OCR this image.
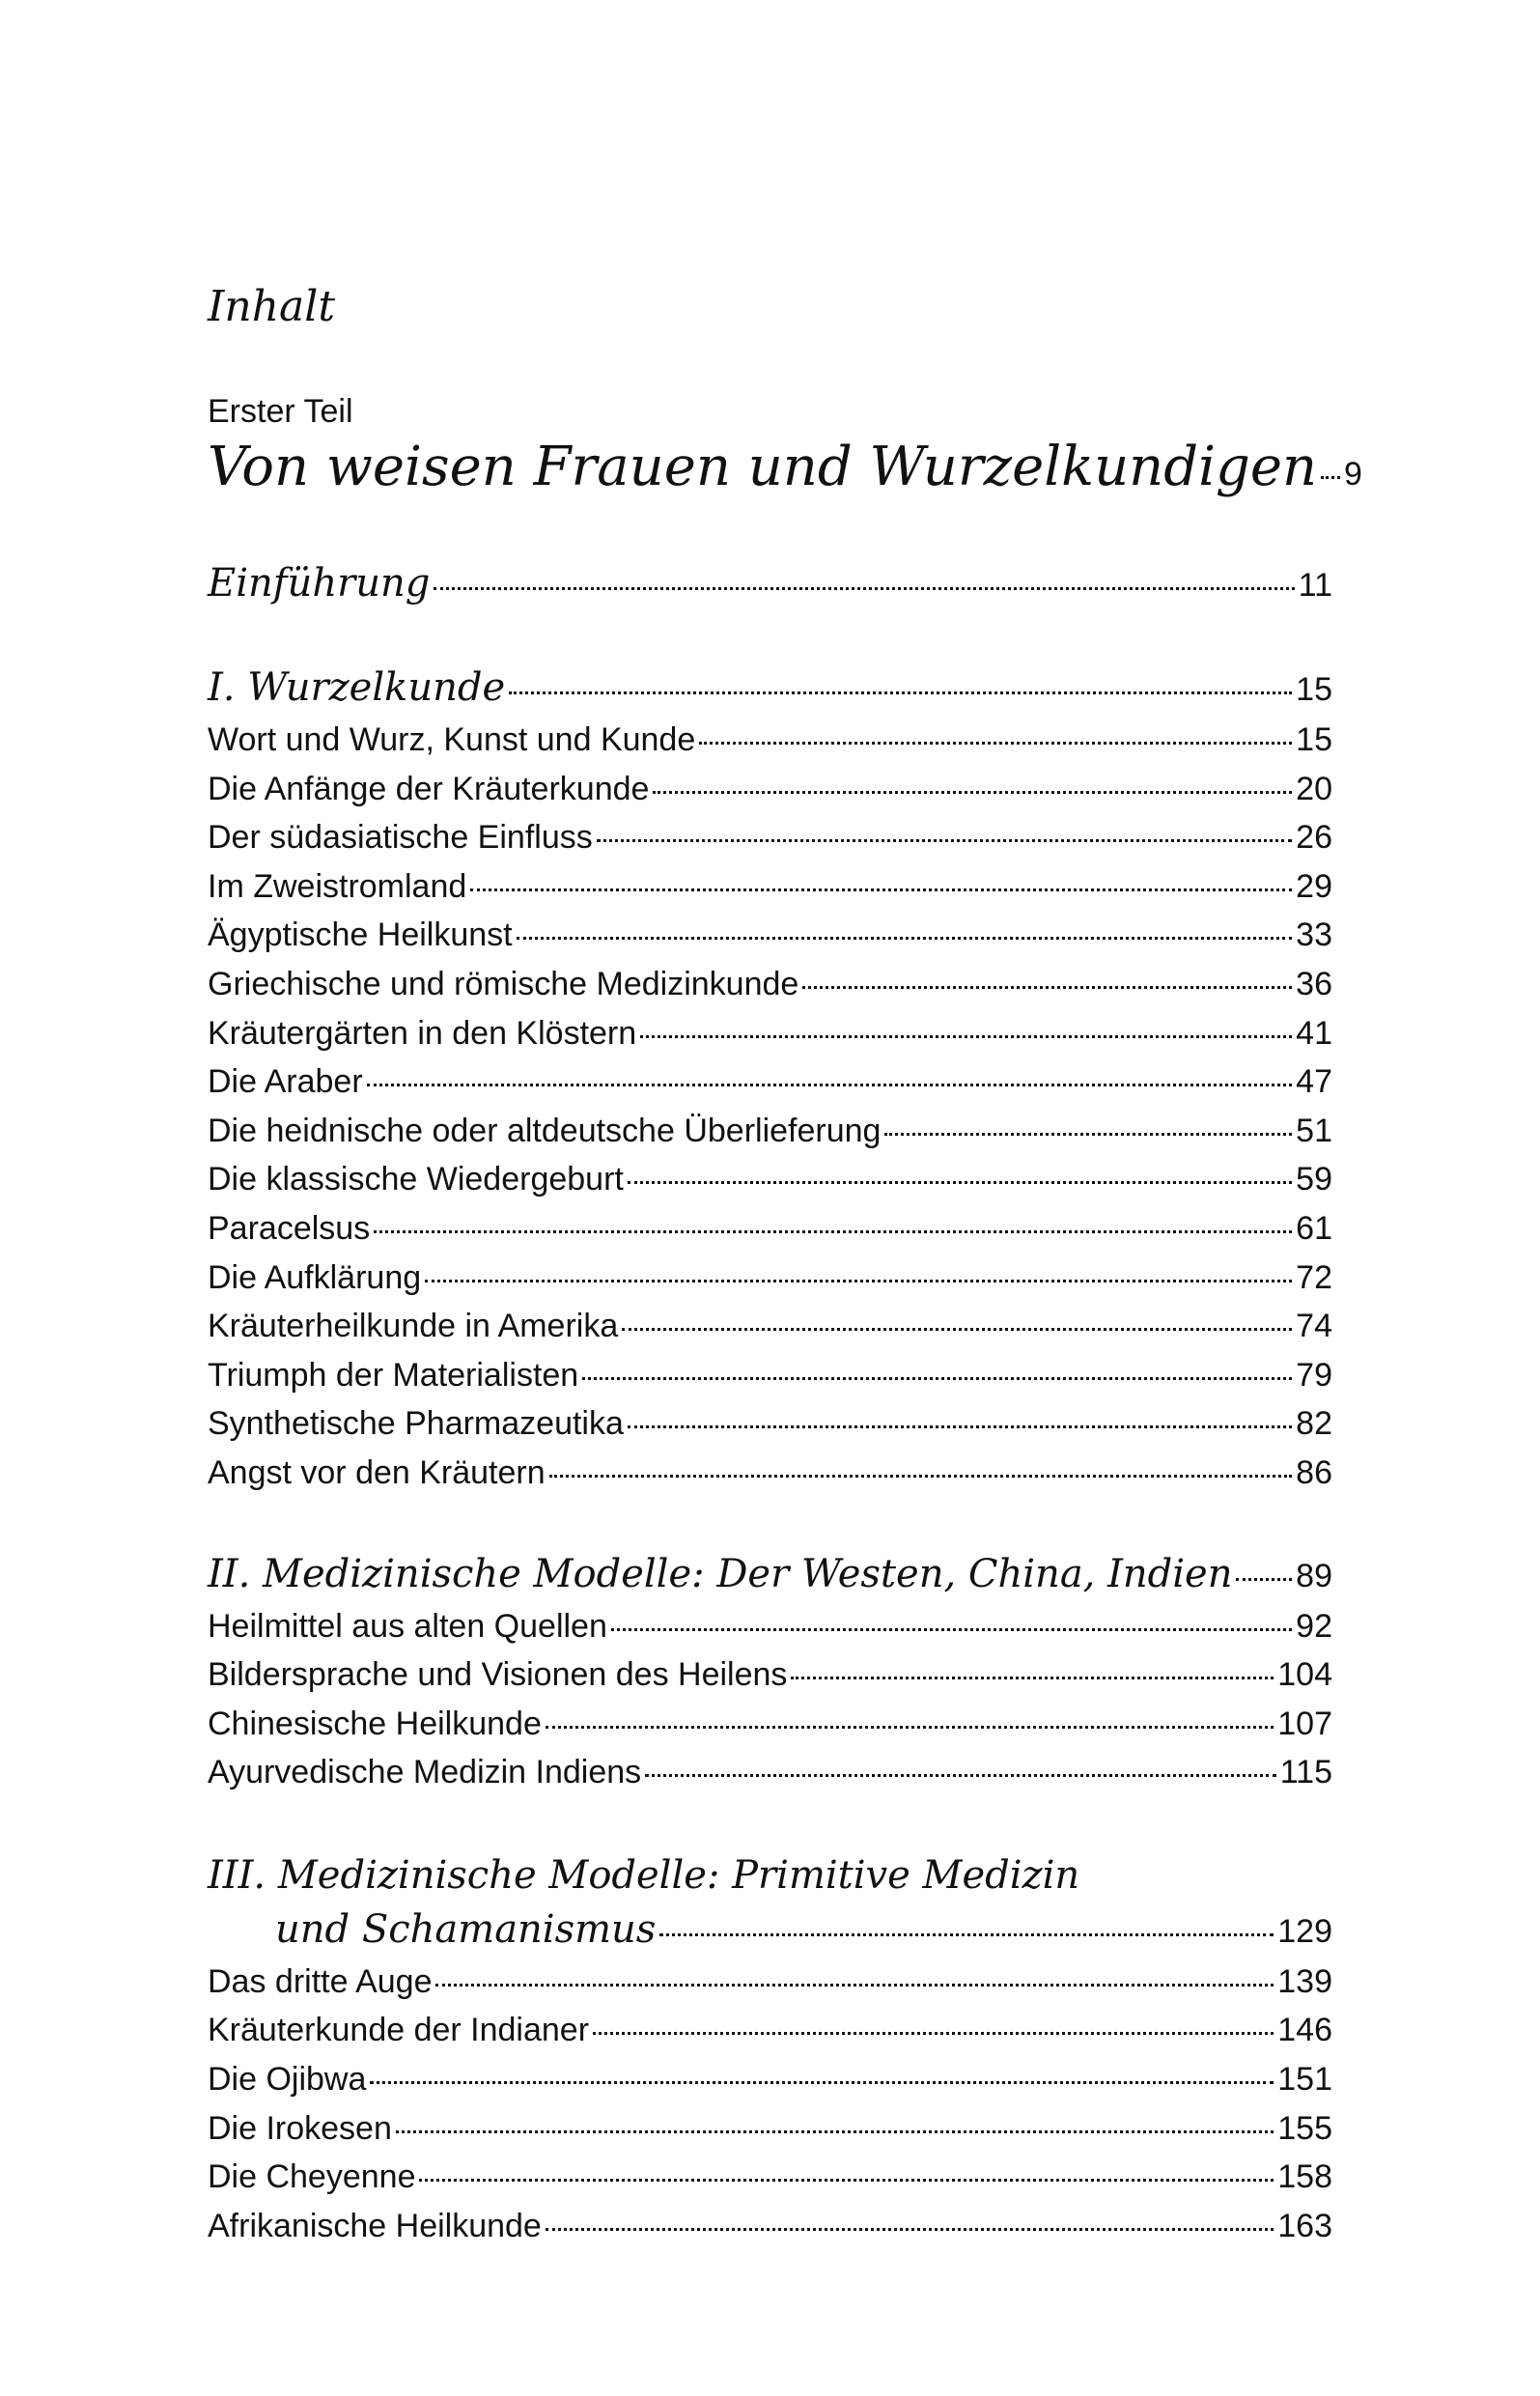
Inhalt
Erster Teil
Von weisen Frauen und Wurzelkundigen 9
Einführung	11
I. Wurzelkunde	15
Wort und Wurz, Kunst und Kunde	15
Die Anfänge der Kräuterkunde	20
Der südasiatische Einfluss	26
Im Zweistromland	29
Ägyptische Heilkunst	33
Griechische und römische Medizinkunde	36
Kräutergärten in den Klöstern	41
Die Araber	47
Die heidnische oder altdeutsche Überlieferung	51
Die klassische Wiedergeburt	59
Paracelsus	61
Die Aufklärung	72
Kräuterheilkunde in Amerika	74
Triumph der Materialisten	79
Synthetische Pharmazeutika	82
Angst vor den Kräutern	86
II. Medizinische Modelle: Der Westen, China, Indien 89
Heilmittel aus alten Quellen	92
Bildersprache und Visionen des Heilens	104
Chinesische Heilkunde	107
Ayurvedische Medizin Indiens	115
III. Medizinische Modelle: Primitive Medizin
und Schamanismus	129
Das dritte Auge	139
Kräuterkunde der Indianer	146
Die Ojibwa	151
Die Irokesen	155
Die Cheyenne	158
Afrikanische Heilkunde	163
